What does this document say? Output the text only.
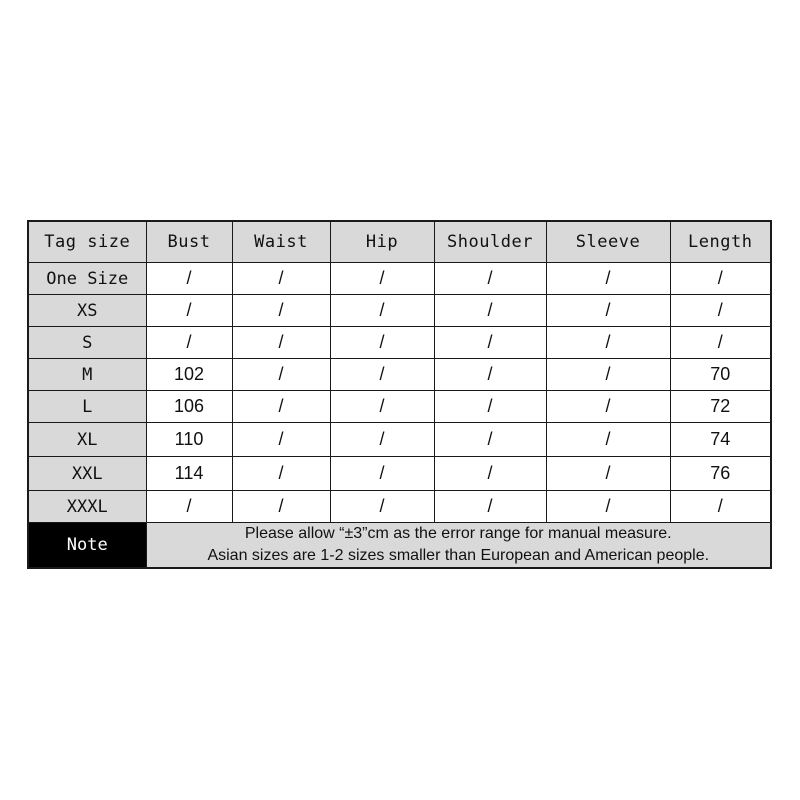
Tag size	Bust	Waist	Hip	Shoulder	Sleeve	Length
One Size	/	/	/	/	/	/
XS	/	/	/	/	/	/
S	/	/	/	/	/	/
M	102	/	/	/	/	70
L	106	/	/	/	/	72
XL	110	/	/	/	/	74
XXL	114	/	/	/	/	76
XXXL	/	/	/	/	/	/
Note	Please allow “±3”cm as the error range for manual measure.
Asian sizes are 1-2 sizes smaller than European and American people.					
